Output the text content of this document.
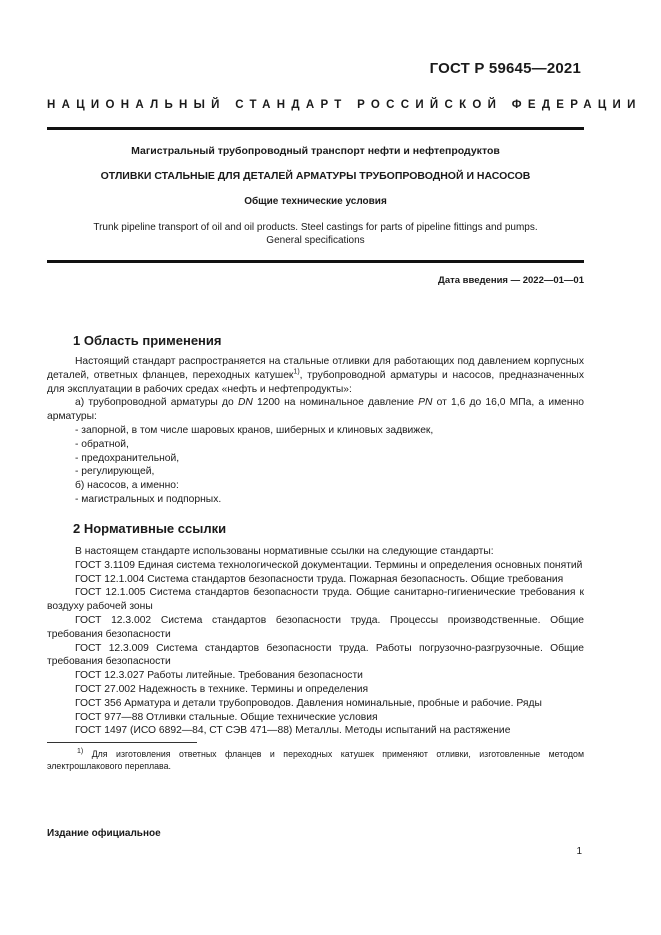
ГОСТ Р 59645—2021
НАЦИОНАЛЬНЫЙ СТАНДАРТ РОССИЙСКОЙ ФЕДЕРАЦИИ
Магистральный трубопроводный транспорт нефти и нефтепродуктов
ОТЛИВКИ СТАЛЬНЫЕ ДЛЯ ДЕТАЛЕЙ АРМАТУРЫ ТРУБОПРОВОДНОЙ И НАСОСОВ
Общие технические условия
Trunk pipeline transport of oil and oil products. Steel castings for parts of pipeline fittings and pumps.
General specifications
Дата введения — 2022—01—01
1 Область применения

Настоящий стандарт распространяется на стальные отливки для работающих под давлением корпусных деталей, ответных фланцев, переходных катушек$^{1)}$, трубопроводной арматуры и насосов, предназначенных для эксплуатации в рабочих средах «нефть и нефтепродукты»:

а) трубопроводной арматуры до DN 1200 на номинальное давление PN от 1,6 до 16,0 МПа, а именно арматуры:

- запорной, в том числе шаровых кранов, шиберных и клиновых задвижек,

- обратной,

- предохранительной,

- регулирующей,

б) насосов, а именно:

- магистральных и подпорных.

2 Нормативные ссылки

В настоящем стандарте использованы нормативные ссылки на следующие стандарты:

ГОСТ 3.1109 Единая система технологической документации. Термины и определения основных понятий

ГОСТ 12.1.004 Система стандартов безопасности труда. Пожарная безопасность. Общие требования

ГОСТ 12.1.005 Система стандартов безопасности труда. Общие санитарно-гигиенические требования к воздуху рабочей зоны

ГОСТ 12.3.002 Система стандартов безопасности труда. Процессы производственные. Общие требования безопасности

ГОСТ 12.3.009 Система стандартов безопасности труда. Работы погрузочно-разгрузочные. Общие требования безопасности

ГОСТ 12.3.027 Работы литейные. Требования безопасности

ГОСТ 27.002 Надежность в технике. Термины и определения

ГОСТ 356 Арматура и детали трубопроводов. Давления номинальные, пробные и рабочие. Ряды

ГОСТ 977—88 Отливки стальные. Общие технические условия

ГОСТ 1497 (ИСО 6892—84, СТ СЭВ 471—88) Металлы. Методы испытаний на растяжение

$^{1)}$ Для изготовления ответных фланцев и переходных катушек применяют отливки, изготовленные методом электрошлакового переплава.

Издание официальное
1
